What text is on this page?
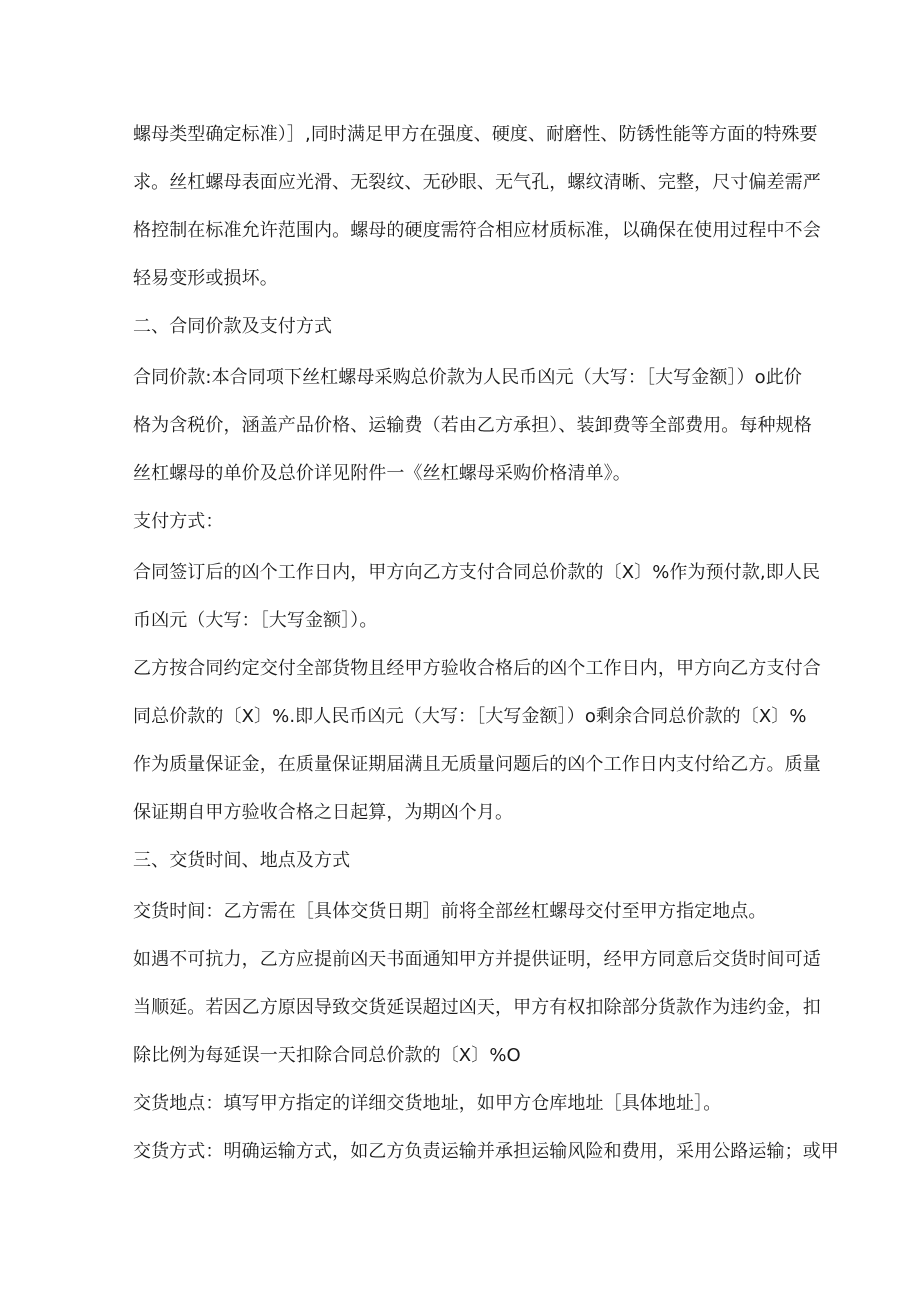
螺母类型确定标准）］,同时满足甲方在强度、硬度、耐磨性、防锈性能等方面的特殊要

求。丝杠螺母表面应光滑、无裂纹、无砂眼、无气孔，螺纹清晰、完整，尺寸偏差需严

格控制在标准允许范围内。螺母的硬度需符合相应材质标准，以确保在使用过程中不会

轻易变形或损坏。

二、合同价款及支付方式

合同价款:本合同项下丝杠螺母采购总价款为人民币凶元（大写：［大写金额］）o此价

格为含税价，涵盖产品价格、运输费（若由乙方承担）、装卸费等全部费用。每种规格

丝杠螺母的单价及总价详见附件一《丝杠螺母采购价格清单》。

支付方式：

合同签订后的凶个工作日内，甲方向乙方支付合同总价款的〔X〕%作为预付款,即人民

币凶元（大写：［大写金额］）。

乙方按合同约定交付全部货物且经甲方验收合格后的凶个工作日内，甲方向乙方支付合

同总价款的〔X〕%.即人民币凶元（大写：［大写金额］）o剩余合同总价款的〔X〕%

作为质量保证金，在质量保证期届满且无质量问题后的凶个工作日内支付给乙方。质量

保证期自甲方验收合格之日起算，为期凶个月。

三、交货时间、地点及方式

交货时间：乙方需在［具体交货日期］前将全部丝杠螺母交付至甲方指定地点。

如遇不可抗力，乙方应提前凶天书面通知甲方并提供证明，经甲方同意后交货时间可适

当顺延。若因乙方原因导致交货延误超过凶天，甲方有权扣除部分货款作为违约金，扣

除比例为每延误一天扣除合同总价款的〔X〕%O

交货地点：填写甲方指定的详细交货地址，如甲方仓库地址［具体地址］。

交货方式：明确运输方式，如乙方负责运输并承担运输风险和费用，采用公路运输；或甲
